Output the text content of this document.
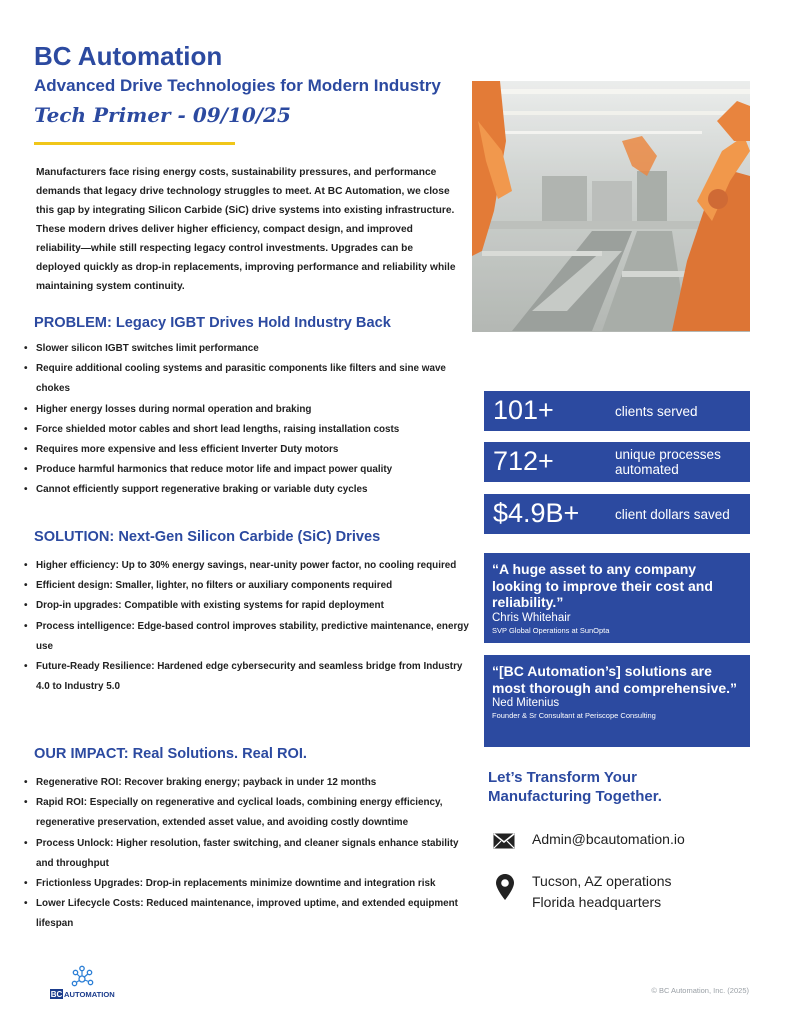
BC Automation
Advanced Drive Technologies for Modern Industry
Tech Primer - 09/10/25

Manufacturers face rising energy costs, sustainability pressures, and performance demands that legacy drive technology struggles to meet. At BC Automation, we close this gap by integrating Silicon Carbide (SiC) drive systems into existing infrastructure. These modern drives deliver higher efficiency, compact design, and improved reliability—while still respecting legacy control investments. Upgrades can be deployed quickly as drop-in replacements, improving performance and reliability while maintaining system continuity.

PROBLEM: Legacy IGBT Drives Hold Industry Back
• Slower silicon IGBT switches limit performance
• Require additional cooling systems and parasitic components like filters and sine wave chokes
• Higher energy losses during normal operation and braking
• Force shielded motor cables and short lead lengths, raising installation costs
• Requires more expensive and less efficient Inverter Duty motors
• Produce harmful harmonics that reduce motor life and impact power quality
• Cannot efficiently support regenerative braking or variable duty cycles
SOLUTION: Next-Gen Silicon Carbide (SiC) Drives
• Higher efficiency: Up to 30% energy savings, near-unity power factor, no cooling required
• Efficient design: Smaller, lighter, no filters or auxiliary components required
• Drop-in upgrades: Compatible with existing systems for rapid deployment
• Process intelligence: Edge-based control improves stability, predictive maintenance, energy use
• Future-Ready Resilience: Hardened edge cybersecurity and seamless bridge from Industry 4.0 to Industry 5.0
OUR IMPACT: Real Solutions. Real ROI.
• Regenerative ROI: Recover braking energy; payback in under 12 months
• Rapid ROI: Especially on regenerative and cyclical loads, combining energy efficiency, regenerative preservation, extended asset value, and avoiding costly downtime
• Process Unlock: Higher resolution, faster switching, and cleaner signals enhance stability and throughput
• Frictionless Upgrades: Drop-in replacements minimize downtime and integration risk
• Lower Lifecycle Costs: Reduced maintenance, improved uptime, and extended equipment lifespan
101+	clients served
712+	unique processes automated
$4.9B+	client dollars saved
“A huge asset to any company looking to improve their cost and reliability.”
Chris Whitehair
SVP Global Operations at SunOpta
“[BC Automation’s] solutions are most thorough and comprehensive.”
Ned Mitenius
Founder & Sr Consultant at Periscope Consulting
Let’s Transform Your Manufacturing Together.
Admin@bcautomation.io
Tucson, AZ operations
Florida headquarters
BC AUTOMATION	© BC Automation, Inc. (2025)
